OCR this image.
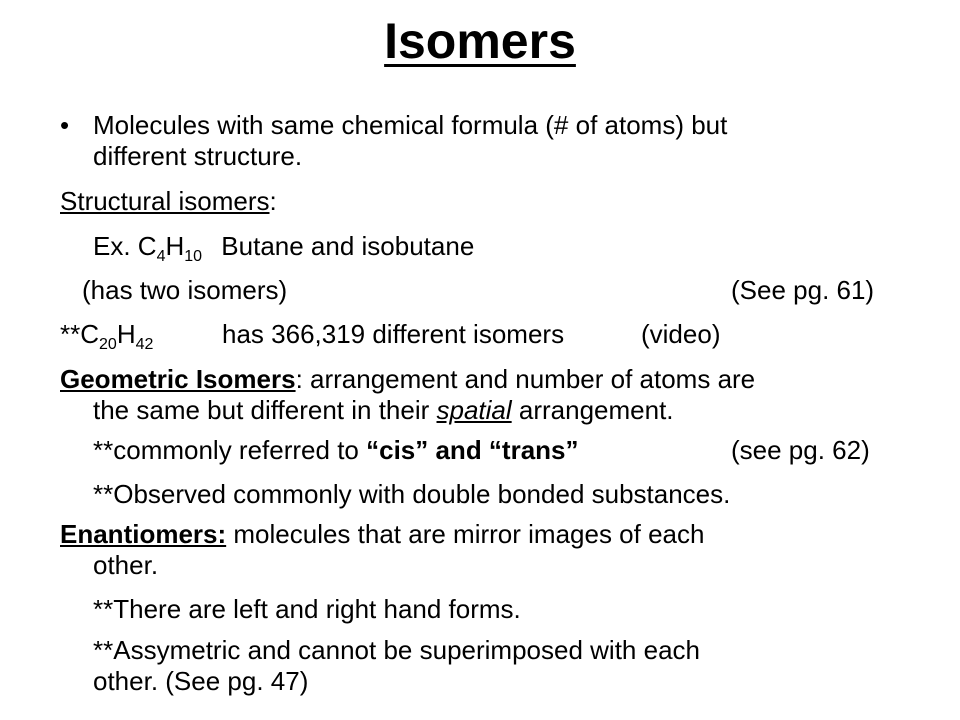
Isomers
• Molecules with same chemical formula (# of atoms) but
different structure.
Structural isomers:
Ex. $C_4H_{10}$ Butane and isobutane
(has two isomers)	(See pg. 61)
$**C_{20}H_{42}$	has 366,319 different isomers	(video)
Geometric Isomers: arrangement and number of atoms are
the same but different in their spatial arrangement.
**commonly referred to “cis” and “trans”	(see pg. 62)
**Observed commonly with double bonded substances.
Enantiomers: molecules that are mirror images of each
other.
**There are left and right hand forms.
**Assymetric and cannot be superimposed with each
other. (See pg. 47)
